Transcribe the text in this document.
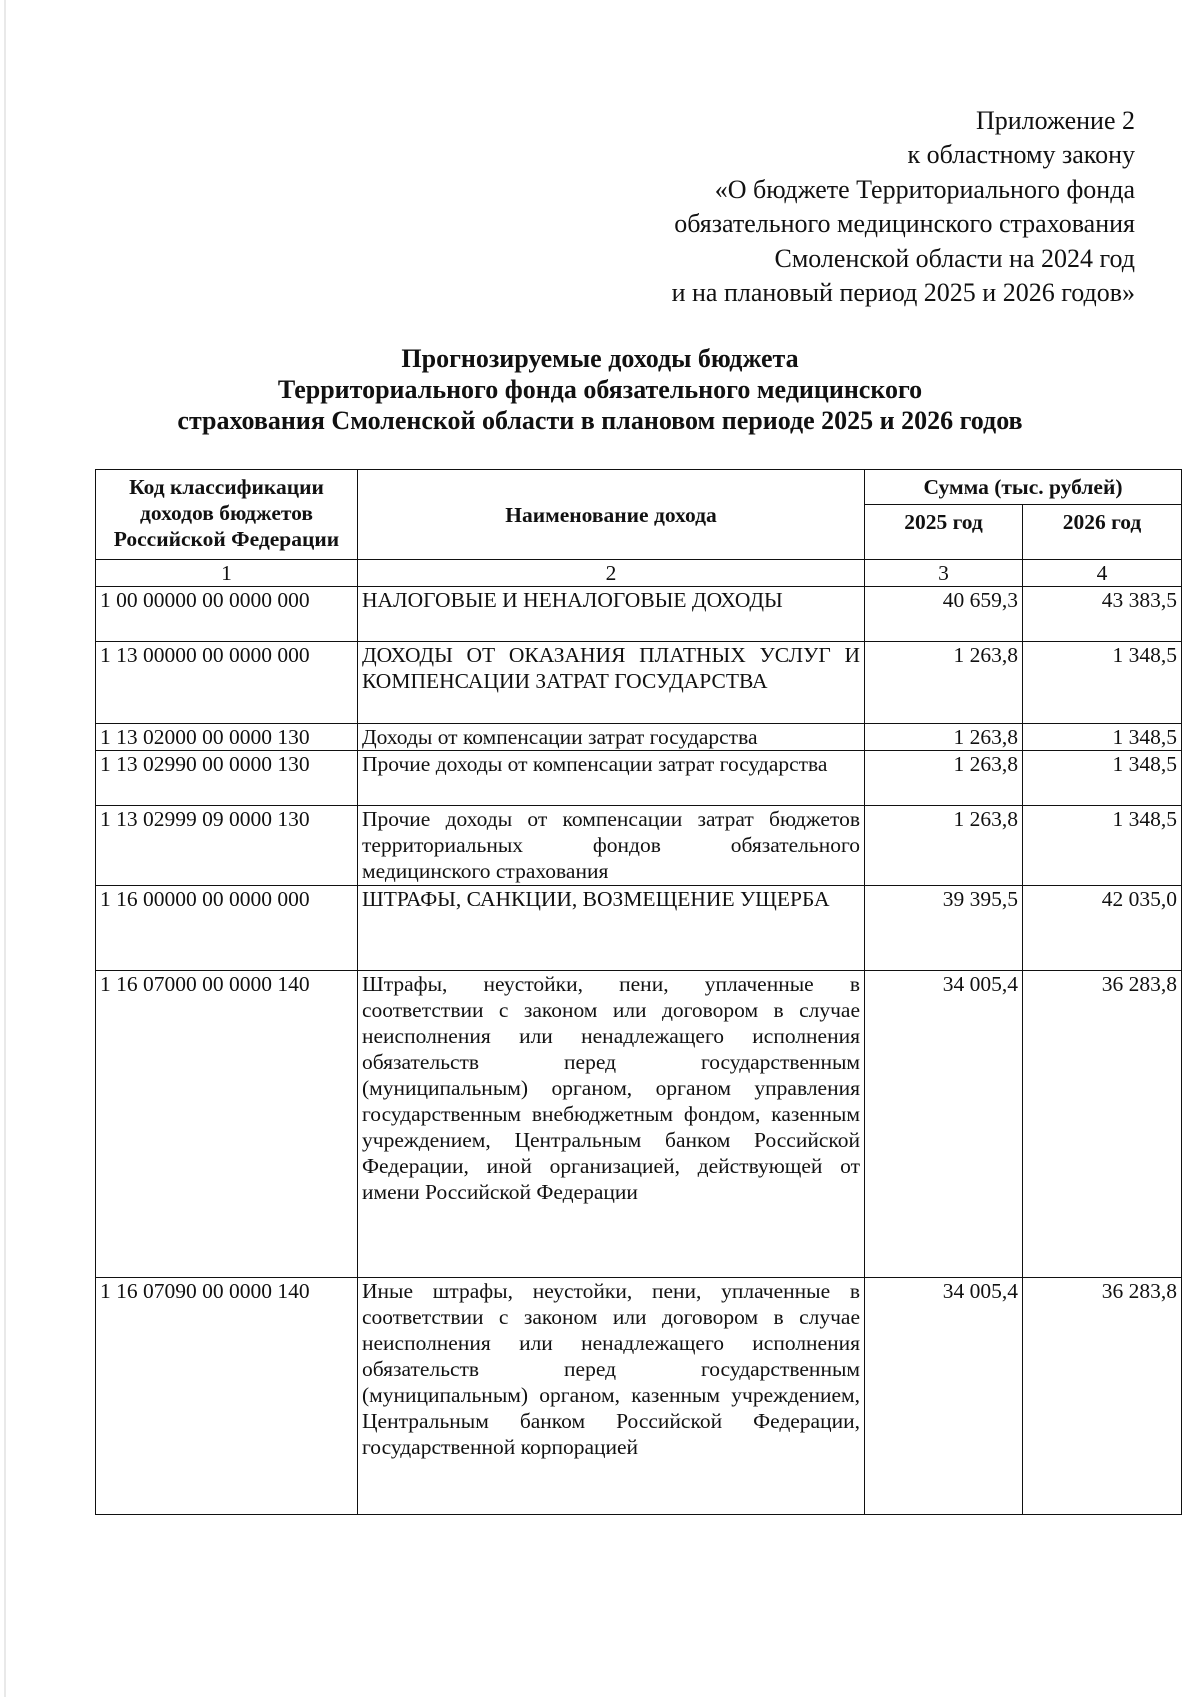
Приложение 2
к областному закону
«О бюджете Территориального фонда
обязательного медицинского страхования
Смоленской области на 2024 год
и на плановый период 2025 и 2026 годов»
Прогнозируемые доходы бюджета
Территориального фонда обязательного медицинского
страхования Смоленской области в плановом периоде 2025 и 2026 годов
Код классификации доходов бюджетов Российской Федерации	Наименование дохода	Сумма (тыс. рублей)	
		2025 год	2026 год
1	2	3	4
1 00 00000 00 0000 000	НАЛОГОВЫЕ И НЕНАЛОГОВЫЕ ДОХОДЫ	40 659,3	43 383,5
1 13 00000 00 0000 000	ДОХОДЫ ОТ ОКАЗАНИЯ ПЛАТНЫХ УСЛУГ И КОМПЕНСАЦИИ ЗАТРАТ ГОСУДАРСТВА	1 263,8	1 348,5
1 13 02000 00 0000 130	Доходы от компенсации затрат государства	1 263,8	1 348,5
1 13 02990 00 0000 130	Прочие доходы от компенсации затрат государства	1 263,8	1 348,5
1 13 02999 09 0000 130	Прочие доходы от компенсации затрат бюджетов территориальных фондов обязательного медицинского страхования	1 263,8	1 348,5
1 16 00000 00 0000 000	ШТРАФЫ, САНКЦИИ, ВОЗМЕЩЕНИЕ УЩЕРБА	39 395,5	42 035,0
1 16 07000 00 0000 140	Штрафы, неустойки, пени, уплаченные в соответствии с законом или договором в случае неисполнения или ненадлежащего исполнения обязательств перед государственным (муниципальным) органом, органом управления государственным внебюджетным фондом, казенным учреждением, Центральным банком Российской Федерации, иной организацией, действующей от имени Российской Федерации	34 005,4	36 283,8
1 16 07090 00 0000 140	Иные штрафы, неустойки, пени, уплаченные в соответствии с законом или договором в случае неисполнения или ненадлежащего исполнения обязательств перед государственным (муниципальным) органом, казенным учреждением, Центральным банком Российской Федерации, государственной корпорацией	34 005,4	36 283,8
